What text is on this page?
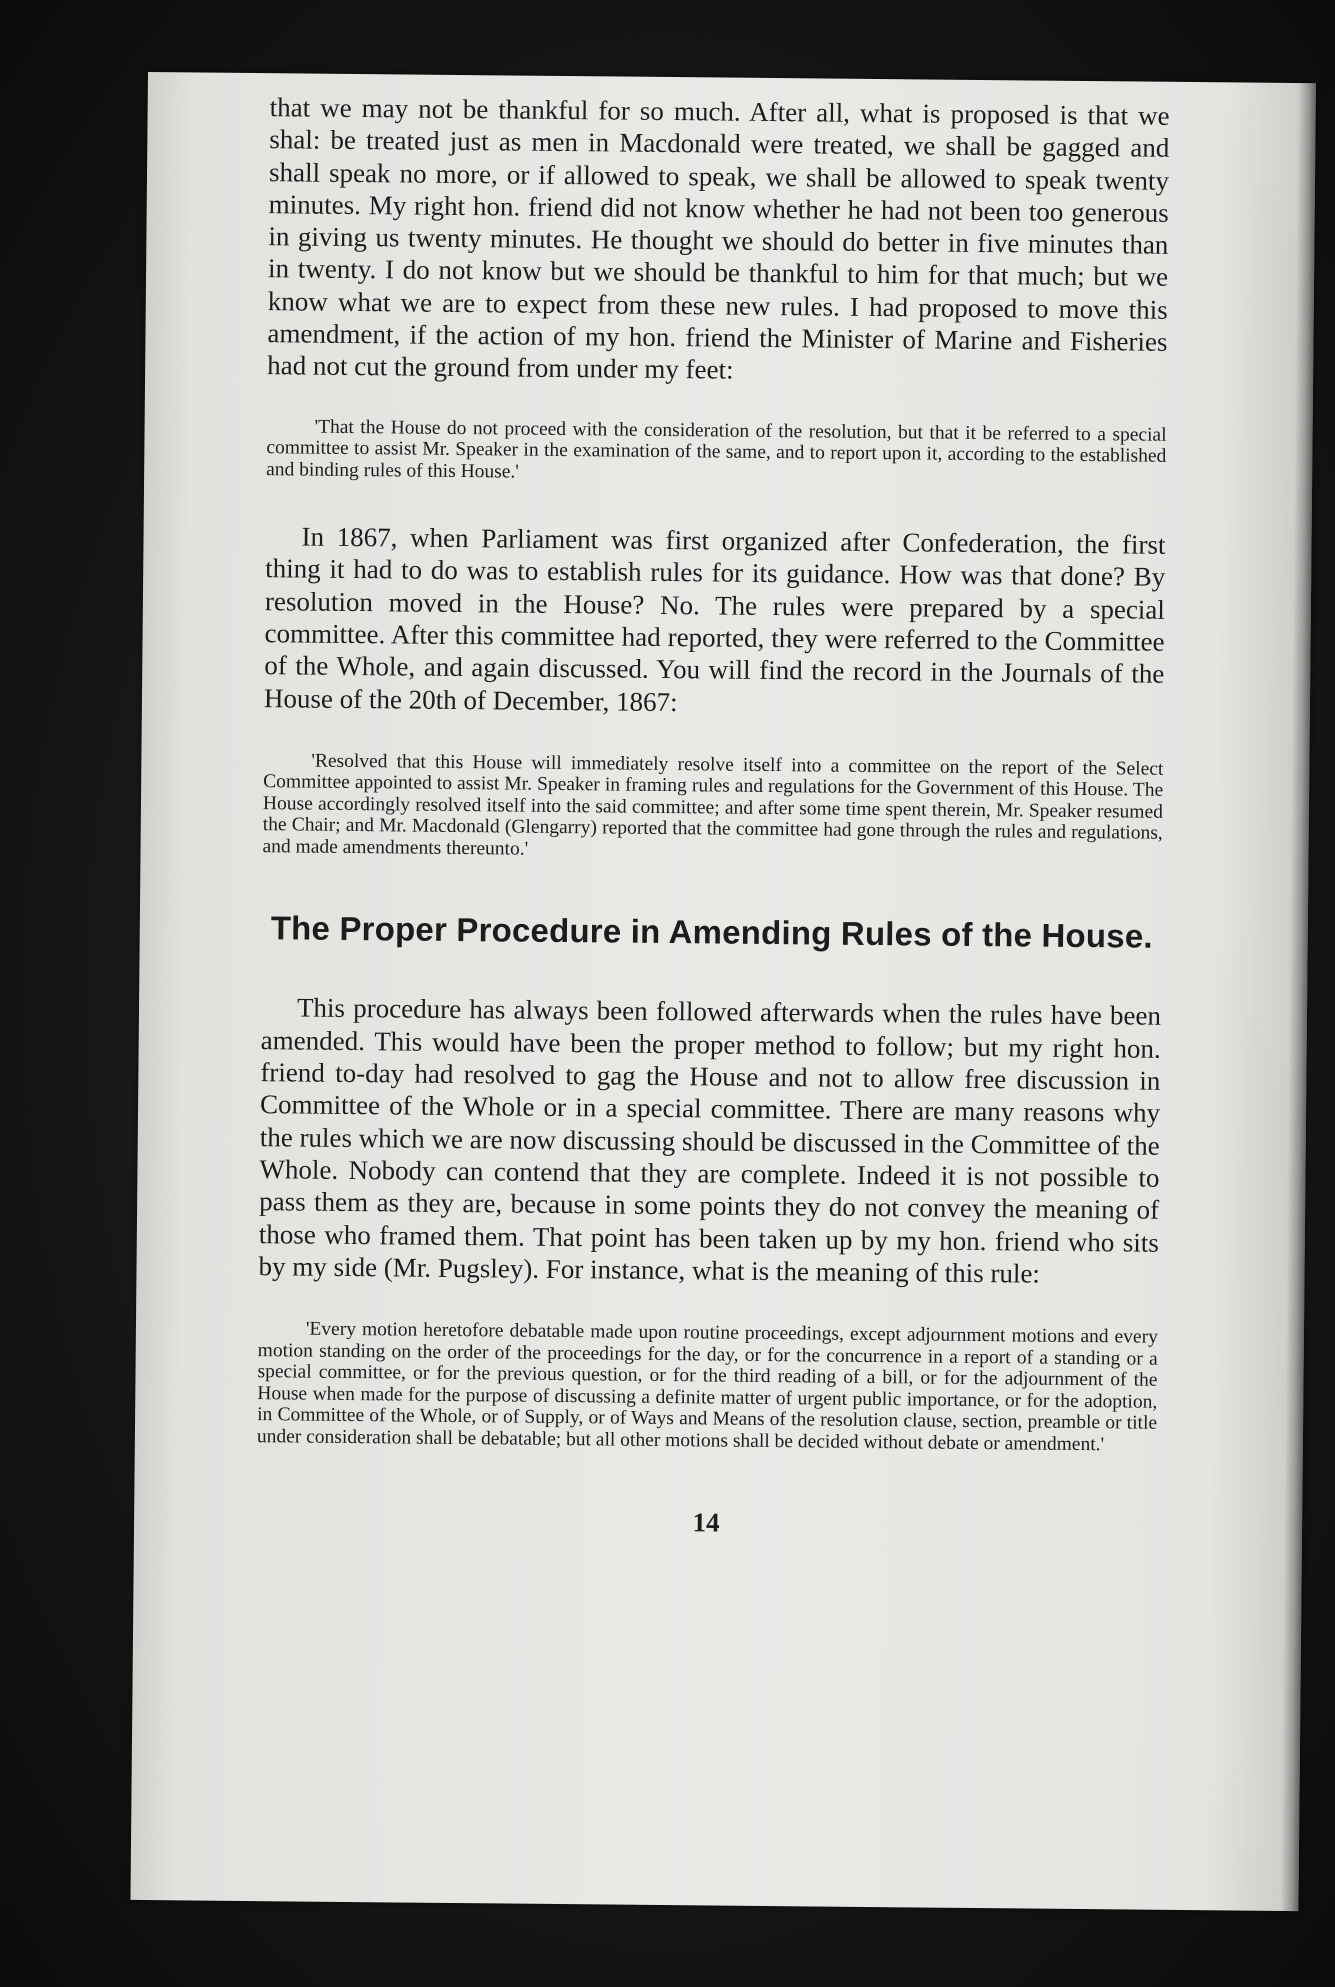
that we may not be thankful for so much. After all, what is proposed is that we shal: be treated just as men in Macdonald were treated, we shall be gagged and shall speak no more, or if allowed to speak, we shall be allowed to speak twenty minutes. My right hon. friend did not know whether he had not been too generous in giving us twenty minutes. He thought we should do better in five minutes than in twenty. I do not know but we should be thankful to him for that much; but we know what we are to expect from these new rules. I had proposed to move this amendment, if the action of my hon. friend the Minister of Marine and Fisheries had not cut the ground from under my feet:

'That the House do not proceed with the consideration of the resolution, but that it be referred to a special committee to assist Mr. Speaker in the examination of the same, and to report upon it, according to the established and binding rules of this House.'

In 1867, when Parliament was first organized after Confederation, the first thing it had to do was to establish rules for its guidance. How was that done? By resolution moved in the House? No. The rules were prepared by a special committee. After this committee had reported, they were referred to the Committee of the Whole, and again discussed. You will find the record in the Journals of the House of the 20th of December, 1867:

'Resolved that this House will immediately resolve itself into a committee on the report of the Select Committee appointed to assist Mr. Speaker in framing rules and regulations for the Government of this House. The House accordingly resolved itself into the said committee; and after some time spent therein, Mr. Speaker resumed the Chair; and Mr. Macdonald (Glengarry) reported that the committee had gone through the rules and regulations, and made amendments thereunto.'

The Proper Procedure in Amending Rules of the House.

This procedure has always been followed afterwards when the rules have been amended. This would have been the proper method to follow; but my right hon. friend to-day had resolved to gag the House and not to allow free discussion in Committee of the Whole or in a special committee. There are many reasons why the rules which we are now discussing should be discussed in the Committee of the Whole. Nobody can contend that they are complete. Indeed it is not possible to pass them as they are, because in some points they do not convey the meaning of those who framed them. That point has been taken up by my hon. friend who sits by my side (Mr. Pugsley). For instance, what is the meaning of this rule:

'Every motion heretofore debatable made upon routine proceedings, except adjournment motions and every motion standing on the order of the proceedings for the day, or for the concurrence in a report of a standing or a special committee, or for the previous question, or for the third reading of a bill, or for the adjournment of the House when made for the purpose of discussing a definite matter of urgent public importance, or for the adoption, in Committee of the Whole, or of Supply, or of Ways and Means of the resolution clause, section, preamble or title under consideration shall be debatable; but all other motions shall be decided without debate or amendment.'

14
